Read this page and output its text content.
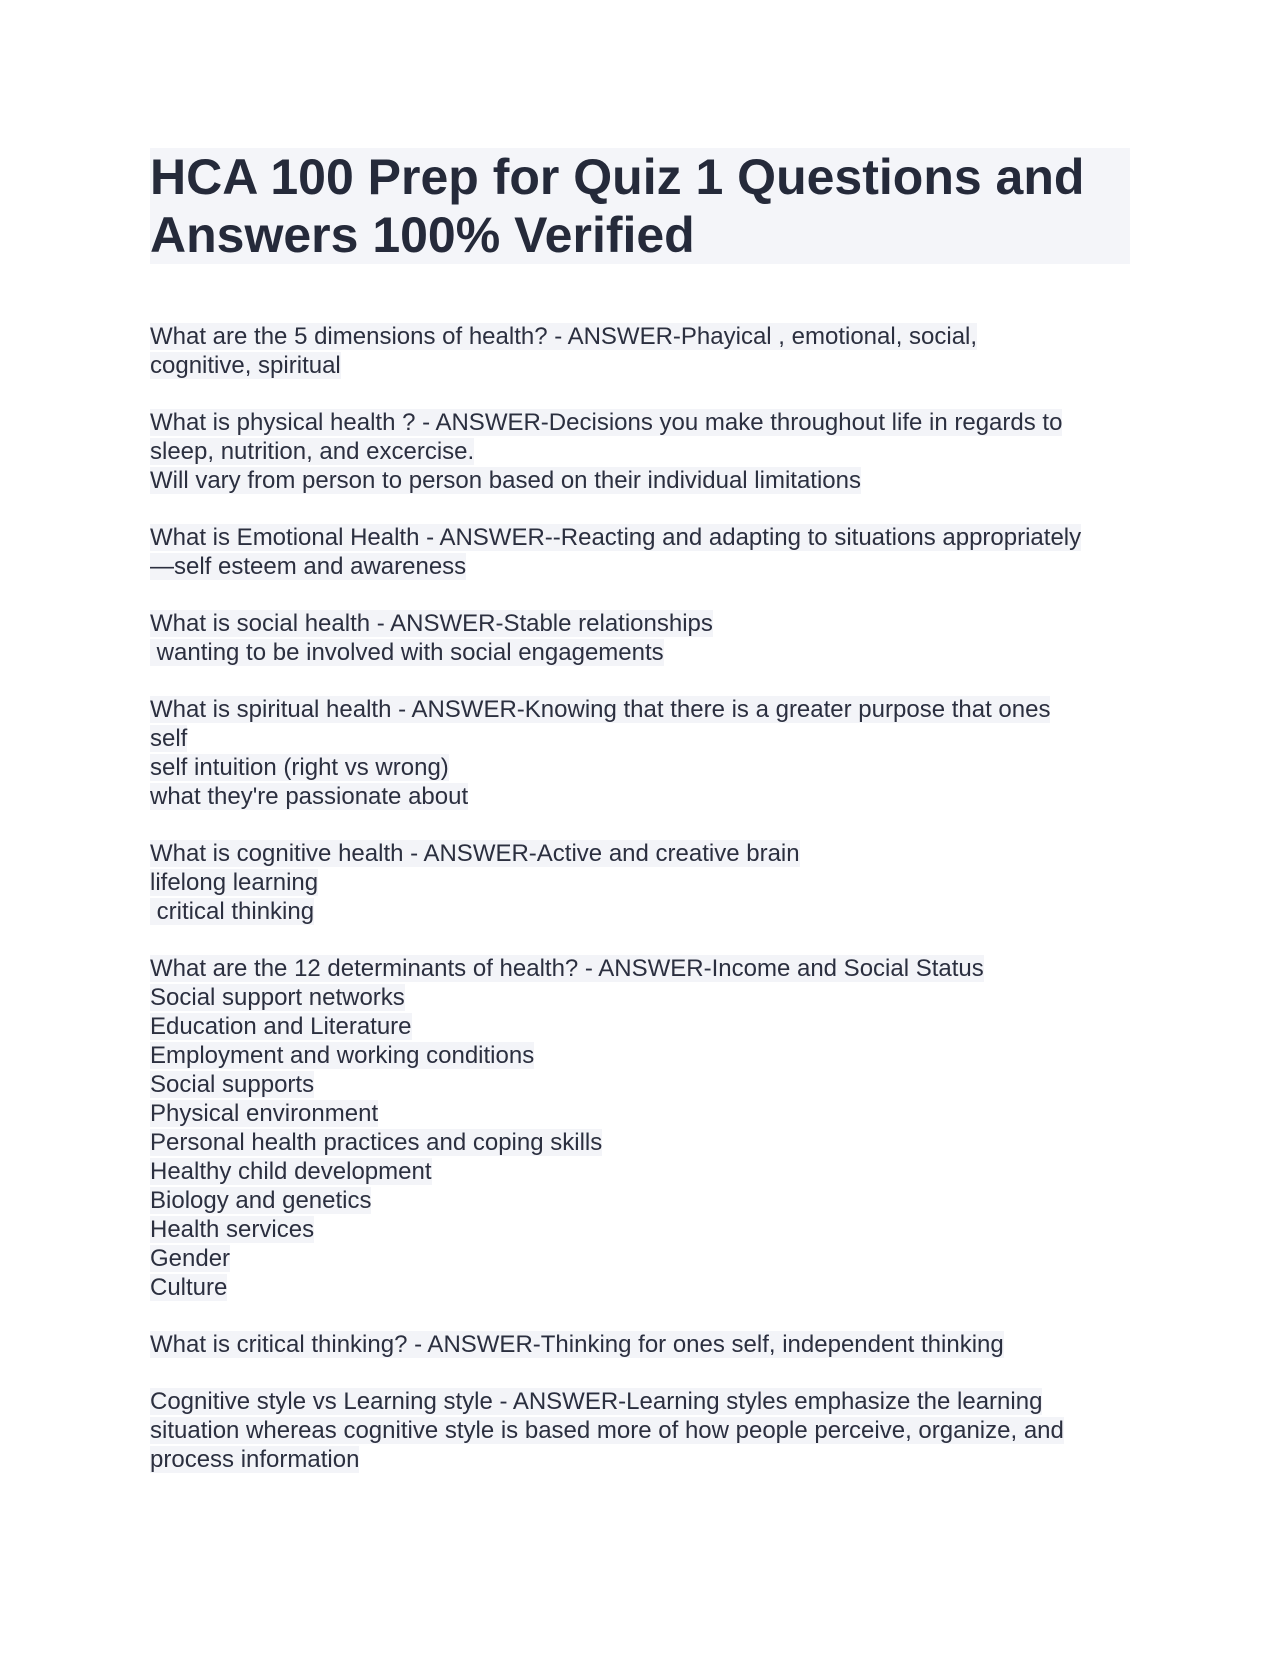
HCA 100 Prep for Quiz 1 Questions and Answers 100% Verified
What are the 5 dimensions of health? - ANSWER-Phayical , emotional, social,
cognitive, spiritual
What is physical health ? - ANSWER-Decisions you make throughout life in regards to
sleep, nutrition, and excercise.
Will vary from person to person based on their individual limitations
What is Emotional Health - ANSWER--Reacting and adapting to situations appropriately
—self esteem and awareness
What is social health - ANSWER-Stable relationships
wanting to be involved with social engagements
What is spiritual health - ANSWER-Knowing that there is a greater purpose that ones
self
self intuition (right vs wrong)
what they're passionate about
What is cognitive health - ANSWER-Active and creative brain
lifelong learning
critical thinking
What are the 12 determinants of health? - ANSWER-Income and Social Status
Social support networks
Education and Literature
Employment and working conditions
Social supports
Physical environment
Personal health practices and coping skills
Healthy child development
Biology and genetics
Health services
Gender
Culture
What is critical thinking? - ANSWER-Thinking for ones self, independent thinking
Cognitive style vs Learning style - ANSWER-Learning styles emphasize the learning
situation whereas cognitive style is based more of how people perceive, organize, and
process information
